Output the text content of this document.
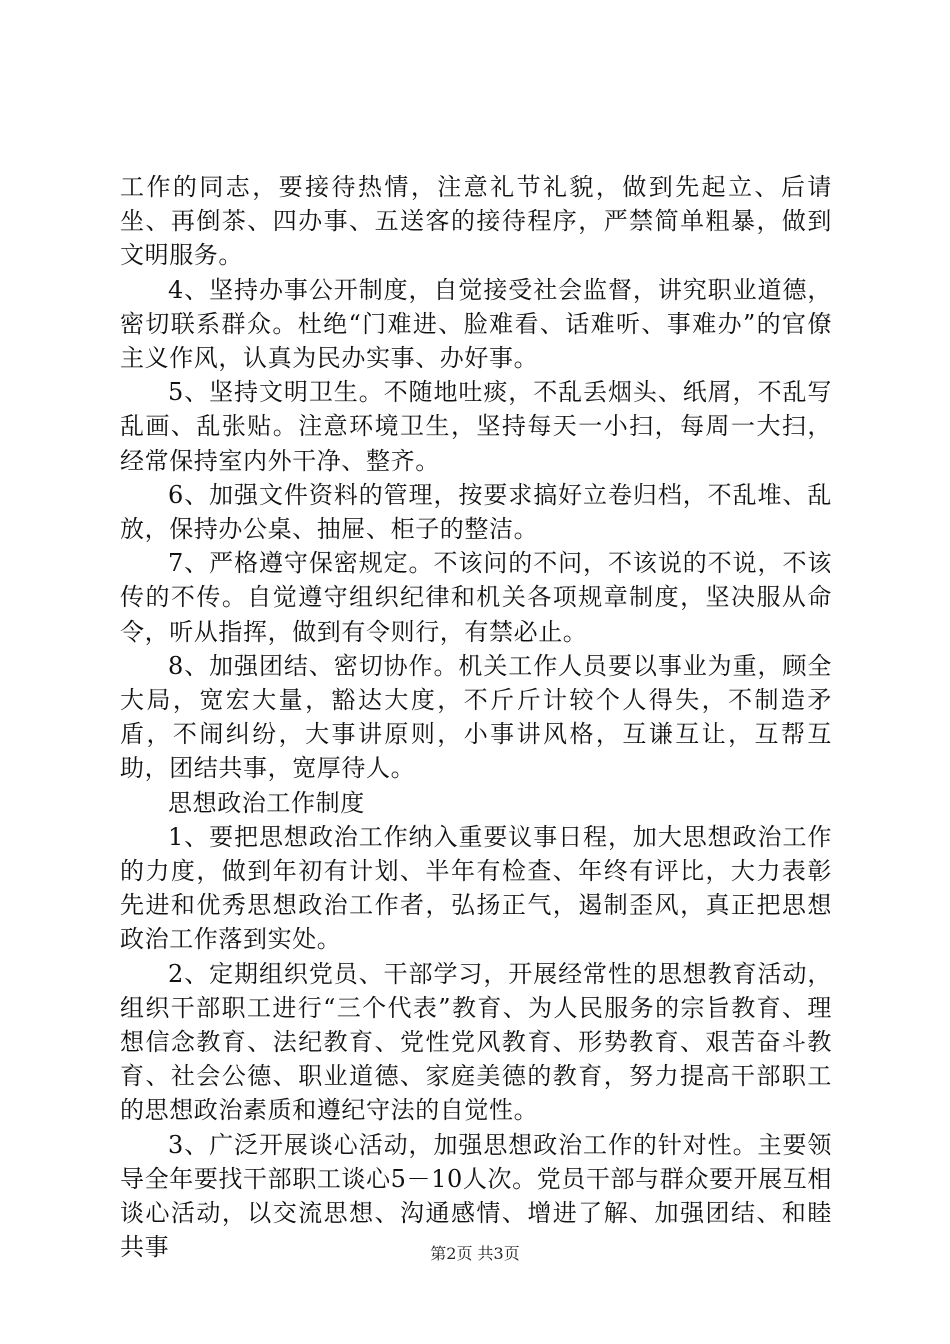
工作的同志，要接待热情，注意礼节礼貌，做到先起立、后请坐、再倒茶、四办事、五送客的接待程序，严禁简单粗暴，做到文明服务。

4、坚持办事公开制度，自觉接受社会监督，讲究职业道德，密切联系群众。杜绝“门难进、脸难看、话难听、事难办”的官僚主义作风，认真为民办实事、办好事。

5、坚持文明卫生。不随地吐痰，不乱丢烟头、纸屑，不乱写乱画、乱张贴。注意环境卫生，坚持每天一小扫，每周一大扫，经常保持室内外干净、整齐。

6、加强文件资料的管理，按要求搞好立卷归档，不乱堆、乱放，保持办公桌、抽屉、柜子的整洁。

7、严格遵守保密规定。不该问的不问，不该说的不说，不该传的不传。自觉遵守组织纪律和机关各项规章制度，坚决服从命令，听从指挥，做到有令则行，有禁必止。

8、加强团结、密切协作。机关工作人员要以事业为重，顾全大局，宽宏大量，豁达大度，不斤斤计较个人得失，不制造矛盾，不闹纠纷，大事讲原则，小事讲风格，互谦互让，互帮互助，团结共事，宽厚待人。

思想政治工作制度

1、要把思想政治工作纳入重要议事日程，加大思想政治工作的力度，做到年初有计划、半年有检查、年终有评比，大力表彰先进和优秀思想政治工作者，弘扬正气，遏制歪风，真正把思想政治工作落到实处。

2、定期组织党员、干部学习，开展经常性的思想教育活动，组织干部职工进行“三个代表”教育、为人民服务的宗旨教育、理想信念教育、法纪教育、党性党风教育、形势教育、艰苦奋斗教育、社会公德、职业道德、家庭美德的教育，努力提高干部职工的思想政治素质和遵纪守法的自觉性。

3、广泛开展谈心活动，加强思想政治工作的针对性。主要领导全年要找干部职工谈心5－10人次。党员干部与群众要开展互相谈心活动，以交流思想、沟通感情、增进了解、加强团结、和睦共事	第2页 共3页
